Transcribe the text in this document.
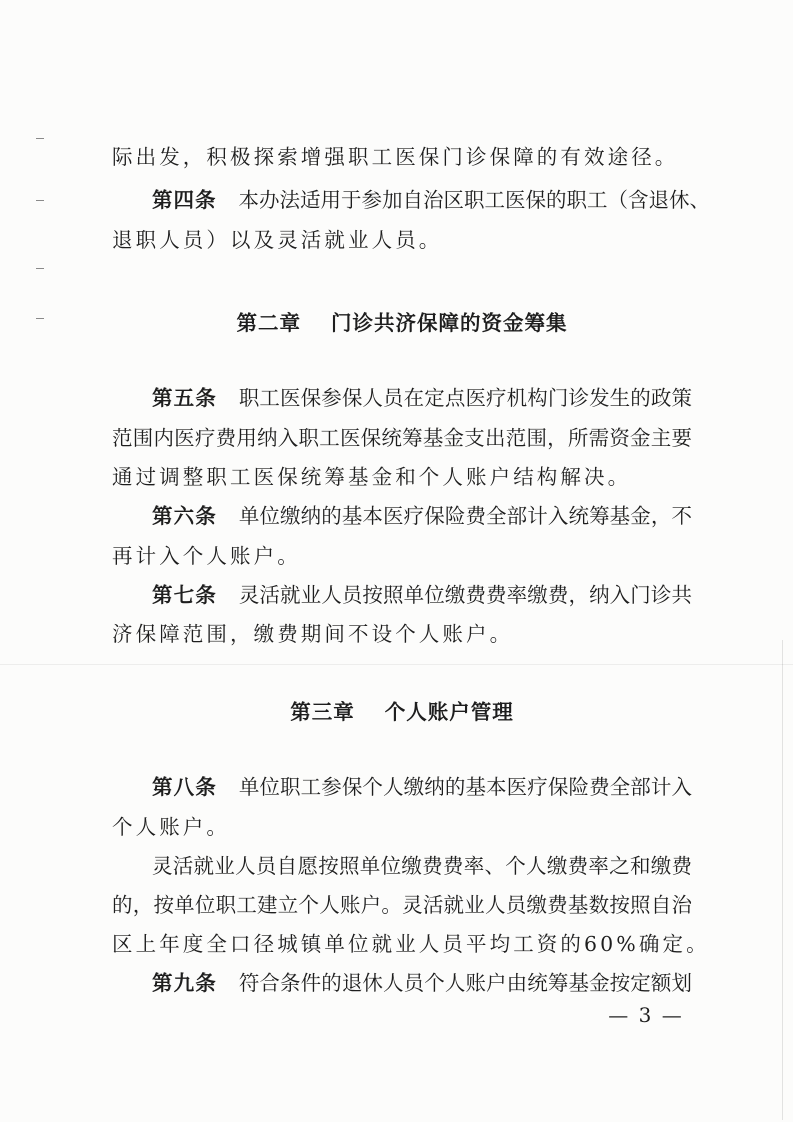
际出发，积极探索增强职工医保门诊保障的有效途径。
第四条 本办法适用于参加自治区职工医保的职工（含退休、
退职人员）以及灵活就业人员。
第二章 门诊共济保障的资金筹集
第五条 职工医保参保人员在定点医疗机构门诊发生的政策
范围内医疗费用纳入职工医保统筹基金支出范围，所需资金主要
通过调整职工医保统筹基金和个人账户结构解决。
第六条 单位缴纳的基本医疗保险费全部计入统筹基金，不
再计入个人账户。
第七条 灵活就业人员按照单位缴费费率缴费，纳入门诊共
济保障范围，缴费期间不设个人账户。
第三章 个人账户管理
第八条 单位职工参保个人缴纳的基本医疗保险费全部计入
个人账户。
灵活就业人员自愿按照单位缴费费率、个人缴费率之和缴费
的，按单位职工建立个人账户。灵活就业人员缴费基数按照自治
区上年度全口径城镇单位就业人员平均工资的60%确定。
第九条 符合条件的退休人员个人账户由统筹基金按定额划
— 3 —
